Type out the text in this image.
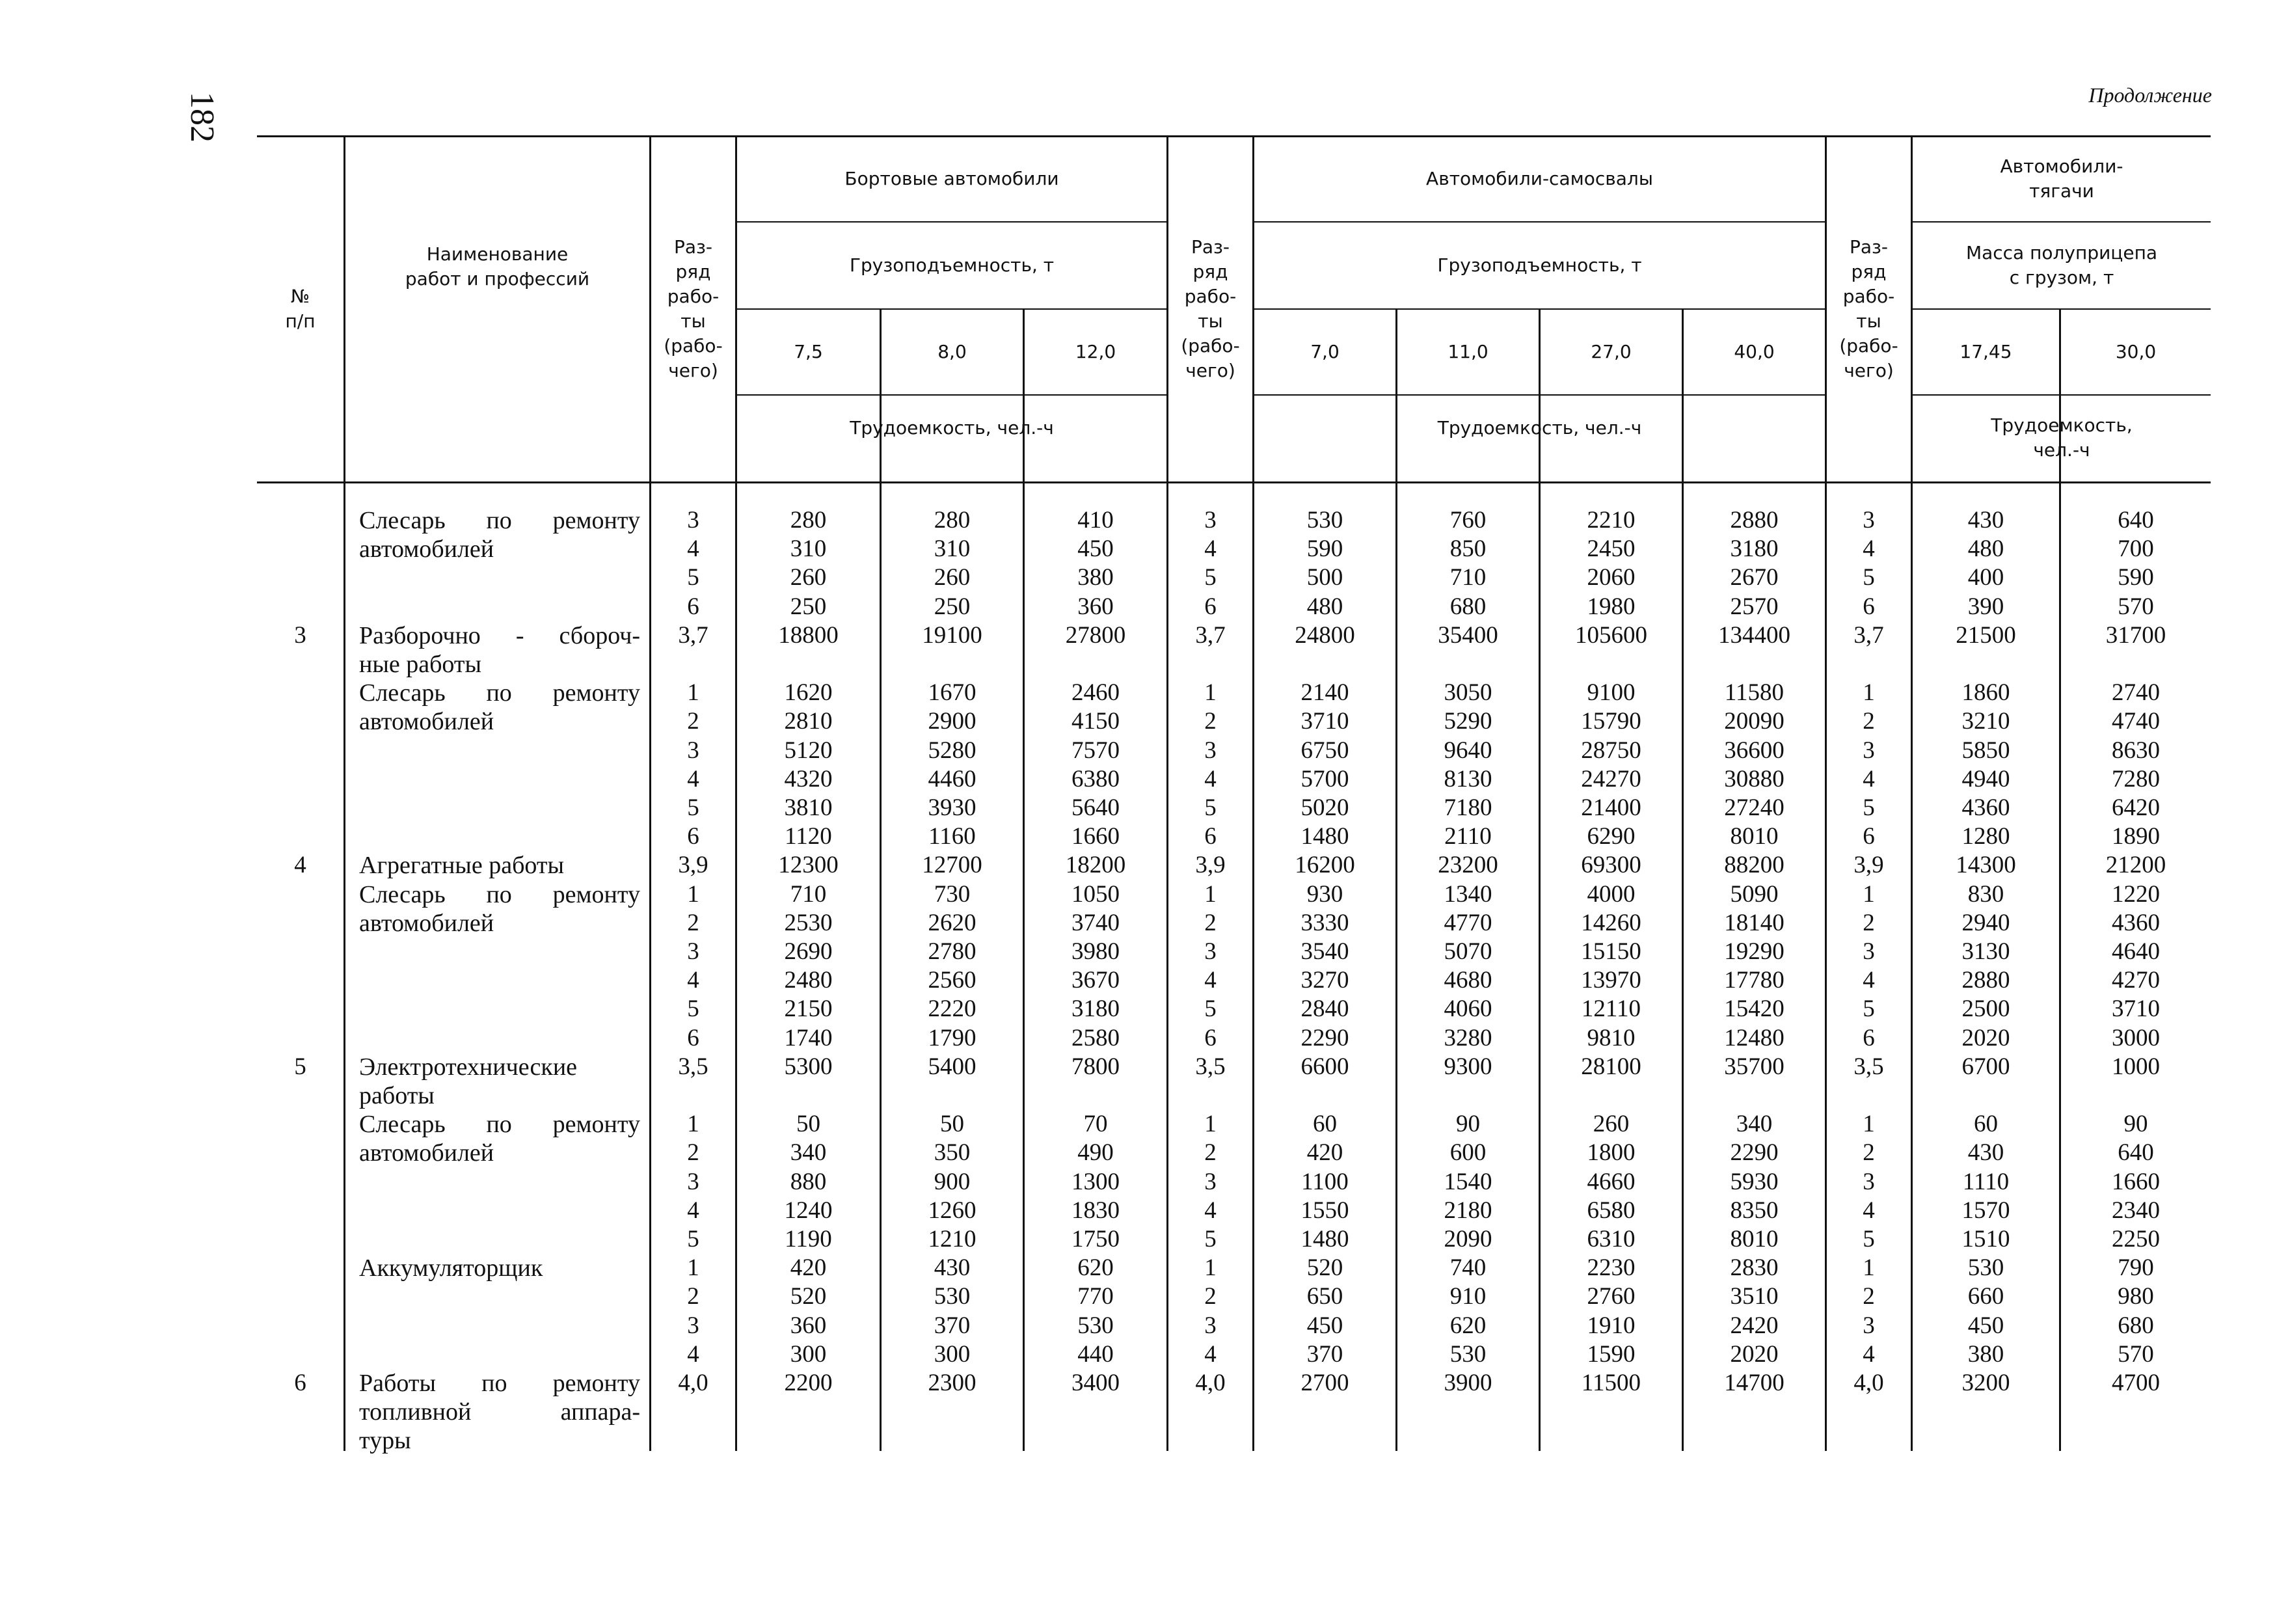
182	Продолжение
№
п/п
Наименование
работ и профессий
Раз-
ряд
рабо-
ты
(рабо-
чего)
Бортовые автомобили
Грузоподъемность, т
7,5	8,0	12,0
Трудоемкость, чел.-ч
Раз-
ряд
рабо-
ты
(рабо-
чего)
Автомобили-самосвалы
Грузоподъемность, т
7,0	11,0	27,0	40,0
Трудоемкость, чел.-ч
Раз-
ряд
рабо-
ты
(рабо-
чего)
Автомобили-
тягачи
Масса полуприцепа
с грузом, т
17,45	30,0
Трудоемкость,
чел.-ч
Слесарь по ремонту	3	280	280	410	3	530	760	2210	2880	3	430	640
автомобилей	4	310	310	450	4	590	850	2450	3180	4	480	700
5	260	260	380	5	500	710	2060	2670	5	400	590
6	250	250	360	6	480	680	1980	2570	6	390	570
3	Разборочно - сбороч-	3,7	18800	19100	27800	3,7	24800	35400	105600	134400	3,7	21500	31700
ные работы
Слесарь по ремонту	1	1620	1670	2460	1	2140	3050	9100	11580	1	1860	2740
автомобилей	2	2810	2900	4150	2	3710	5290	15790	20090	2	3210	4740
3	5120	5280	7570	3	6750	9640	28750	36600	3	5850	8630
4	4320	4460	6380	4	5700	8130	24270	30880	4	4940	7280
5	3810	3930	5640	5	5020	7180	21400	27240	5	4360	6420
6	1120	1160	1660	6	1480	2110	6290	8010	6	1280	1890
4	Агрегатные работы	3,9	12300	12700	18200	3,9	16200	23200	69300	88200	3,9	14300	21200
Слесарь по ремонту	1	710	730	1050	1	930	1340	4000	5090	1	830	1220
автомобилей	2	2530	2620	3740	2	3330	4770	14260	18140	2	2940	4360
3	2690	2780	3980	3	3540	5070	15150	19290	3	3130	4640
4	2480	2560	3670	4	3270	4680	13970	17780	4	2880	4270
5	2150	2220	3180	5	2840	4060	12110	15420	5	2500	3710
6	1740	1790	2580	6	2290	3280	9810	12480	6	2020	3000
5	Электротехнические	3,5	5300	5400	7800	3,5	6600	9300	28100	35700	3,5	6700	1000
работы
Слесарь по ремонту	1	50	50	70	1	60	90	260	340	1	60	90
автомобилей	2	340	350	490	2	420	600	1800	2290	2	430	640
3	880	900	1300	3	1100	1540	4660	5930	3	1110	1660
4	1240	1260	1830	4	1550	2180	6580	8350	4	1570	2340
5	1190	1210	1750	5	1480	2090	6310	8010	5	1510	2250
Аккумуляторщик	1	420	430	620	1	520	740	2230	2830	1	530	790
2	520	530	770	2	650	910	2760	3510	2	660	980
3	360	370	530	3	450	620	1910	2420	3	450	680
4	300	300	440	4	370	530	1590	2020	4	380	570
6	Работы по ремонту	4,0	2200	2300	3400	4,0	2700	3900	11500	14700	4,0	3200	4700
топливной аппара-
туры
